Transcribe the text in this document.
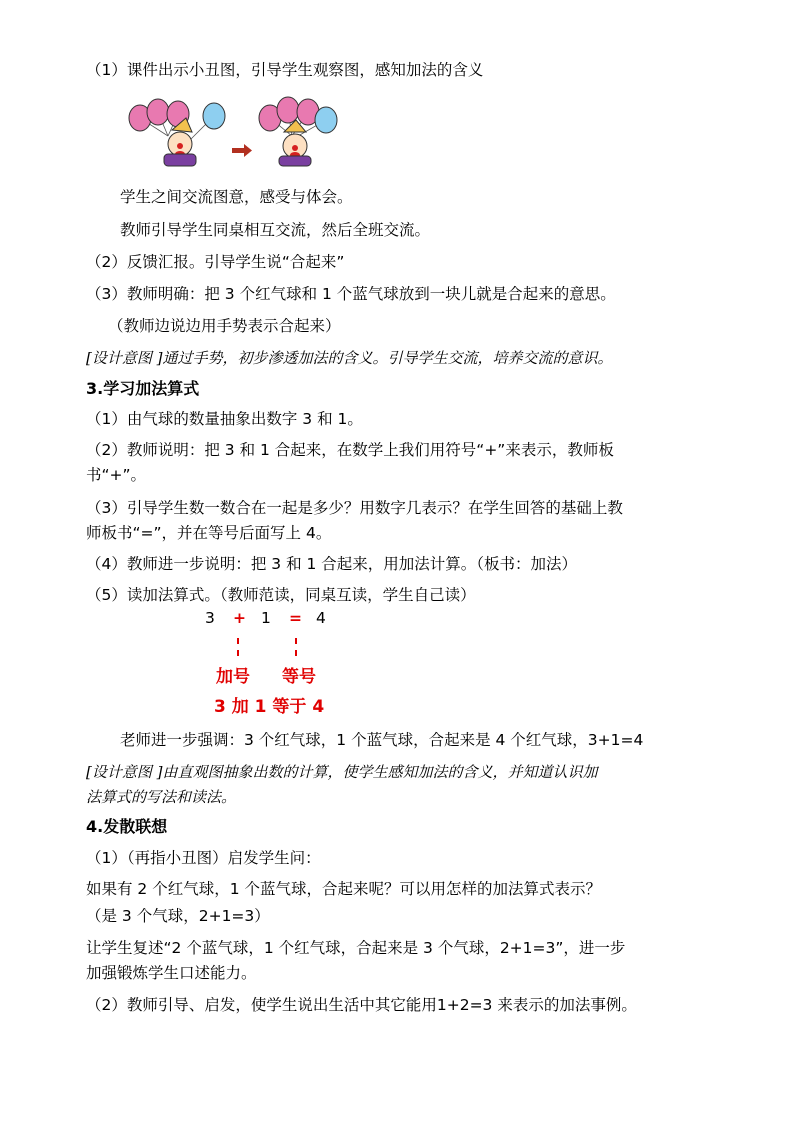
（1）课件出示小丑图，引导学生观察图，感知加法的含义
学生之间交流图意，感受与体会。
教师引导学生同桌相互交流，然后全班交流。
（2）反馈汇报。引导学生说“合起来”
（3）教师明确：把 3 个红气球和 1 个蓝气球放到一块儿就是合起来的意思。
（教师边说边用手势表示合起来）
[设计意图 ]通过手势，初步渗透加法的含义。引导学生交流，培养交流的意识。
3.学习加法算式
（1）由气球的数量抽象出数字 3 和 1。
（2）教师说明：把 3 和 1 合起来，在数学上我们用符号“+”来表示，教师板
书“+”。
（3）引导学生数一数合在一起是多少？用数字几表示？在学生回答的基础上教
师板书“=”，并在等号后面写上 4。
（4）教师进一步说明：把 3 和 1 合起来，用加法计算。（板书：加法）
（5）读加法算式。（教师范读，同桌互读，学生自己读）
3 + 1 = 4
加号 等号
3 加 1 等于 4
老师进一步强调：3 个红气球，1 个蓝气球，合起来是 4 个红气球，3+1=4
[设计意图 ]由直观图抽象出数的计算，使学生感知加法的含义，并知道认识加
法算式的写法和读法。
4.发散联想
（1）（再指小丑图）启发学生问：
如果有 2 个红气球，1 个蓝气球，合起来呢？可以用怎样的加法算式表示？
（是 3 个气球，2+1=3）
让学生复述“2 个蓝气球，1 个红气球，合起来是 3 个气球，2+1=3”，进一步
加强锻炼学生口述能力。
（2）教师引导、启发，使学生说出生活中其它能用1+2=3 来表示的加法事例。
